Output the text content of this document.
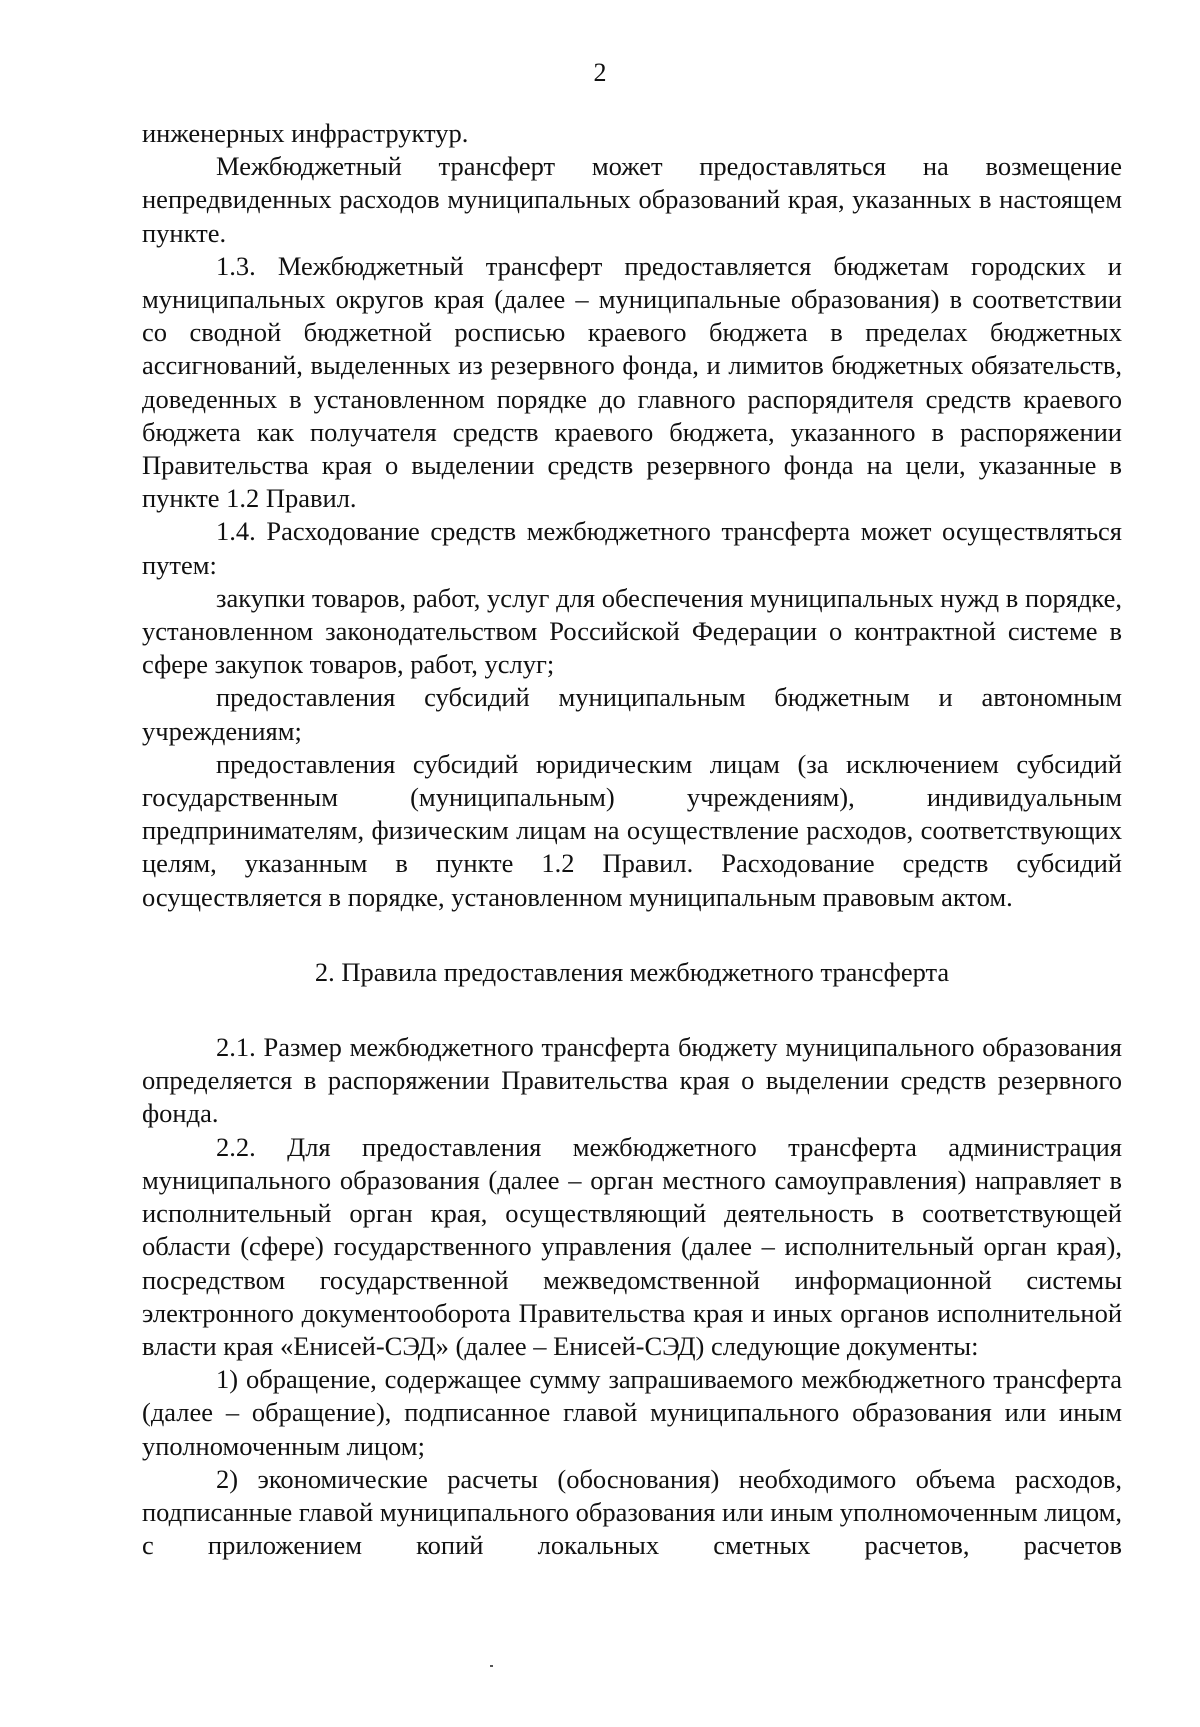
2

инженерных инфраструктур.

Межбюджетный трансферт может предоставляться на возмещение непредвиденных расходов муниципальных образований края, указанных в настоящем пункте.

1.3. Межбюджетный трансферт предоставляется бюджетам городских и муниципальных округов края (далее – муниципальные образования) в соответствии со сводной бюджетной росписью краевого бюджета в пределах бюджетных ассигнований, выделенных из резервного фонда, и лимитов бюджетных обязательств, доведенных в установленном порядке до главного распорядителя средств краевого бюджета как получателя средств краевого бюджета, указанного в распоряжении Правительства края о выделении средств резервного фонда на цели, указанные в пункте 1.2 Правил.

1.4. Расходование средств межбюджетного трансферта может осуществляться путем:

закупки товаров, работ, услуг для обеспечения муниципальных нужд в порядке, установленном законодательством Российской Федерации о контрактной системе в сфере закупок товаров, работ, услуг;

предоставления субсидий муниципальным бюджетным и автономным учреждениям;

предоставления субсидий юридическим лицам (за исключением субсидий государственным (муниципальным) учреждениям), индивидуальным предпринимателям, физическим лицам на осуществление расходов, соответствующих целям, указанным в пункте 1.2 Правил. Расходование средств субсидий осуществляется в порядке, установленном муниципальным правовым актом.

2. Правила предоставления межбюджетного трансферта

2.1. Размер межбюджетного трансферта бюджету муниципального образования определяется в распоряжении Правительства края о выделении средств резервного фонда.

2.2. Для предоставления межбюджетного трансферта администрация муниципального образования (далее – орган местного самоуправления) направляет в исполнительный орган края, осуществляющий деятельность в соответствующей области (сфере) государственного управления (далее – исполнительный орган края), посредством государственной межведомственной информационной системы электронного документооборота Правительства края и иных органов исполнительной власти края «Енисей-СЭД» (далее – Енисей-СЭД) следующие документы:

1) обращение, содержащее сумму запрашиваемого межбюджетного трансферта (далее – обращение), подписанное главой муниципального образования или иным уполномоченным лицом;

2) экономические расчеты (обоснования) необходимого объема расходов, подписанные главой муниципального образования или иным уполномоченным лицом, с приложением копий локальных сметных расчетов, расчетов
